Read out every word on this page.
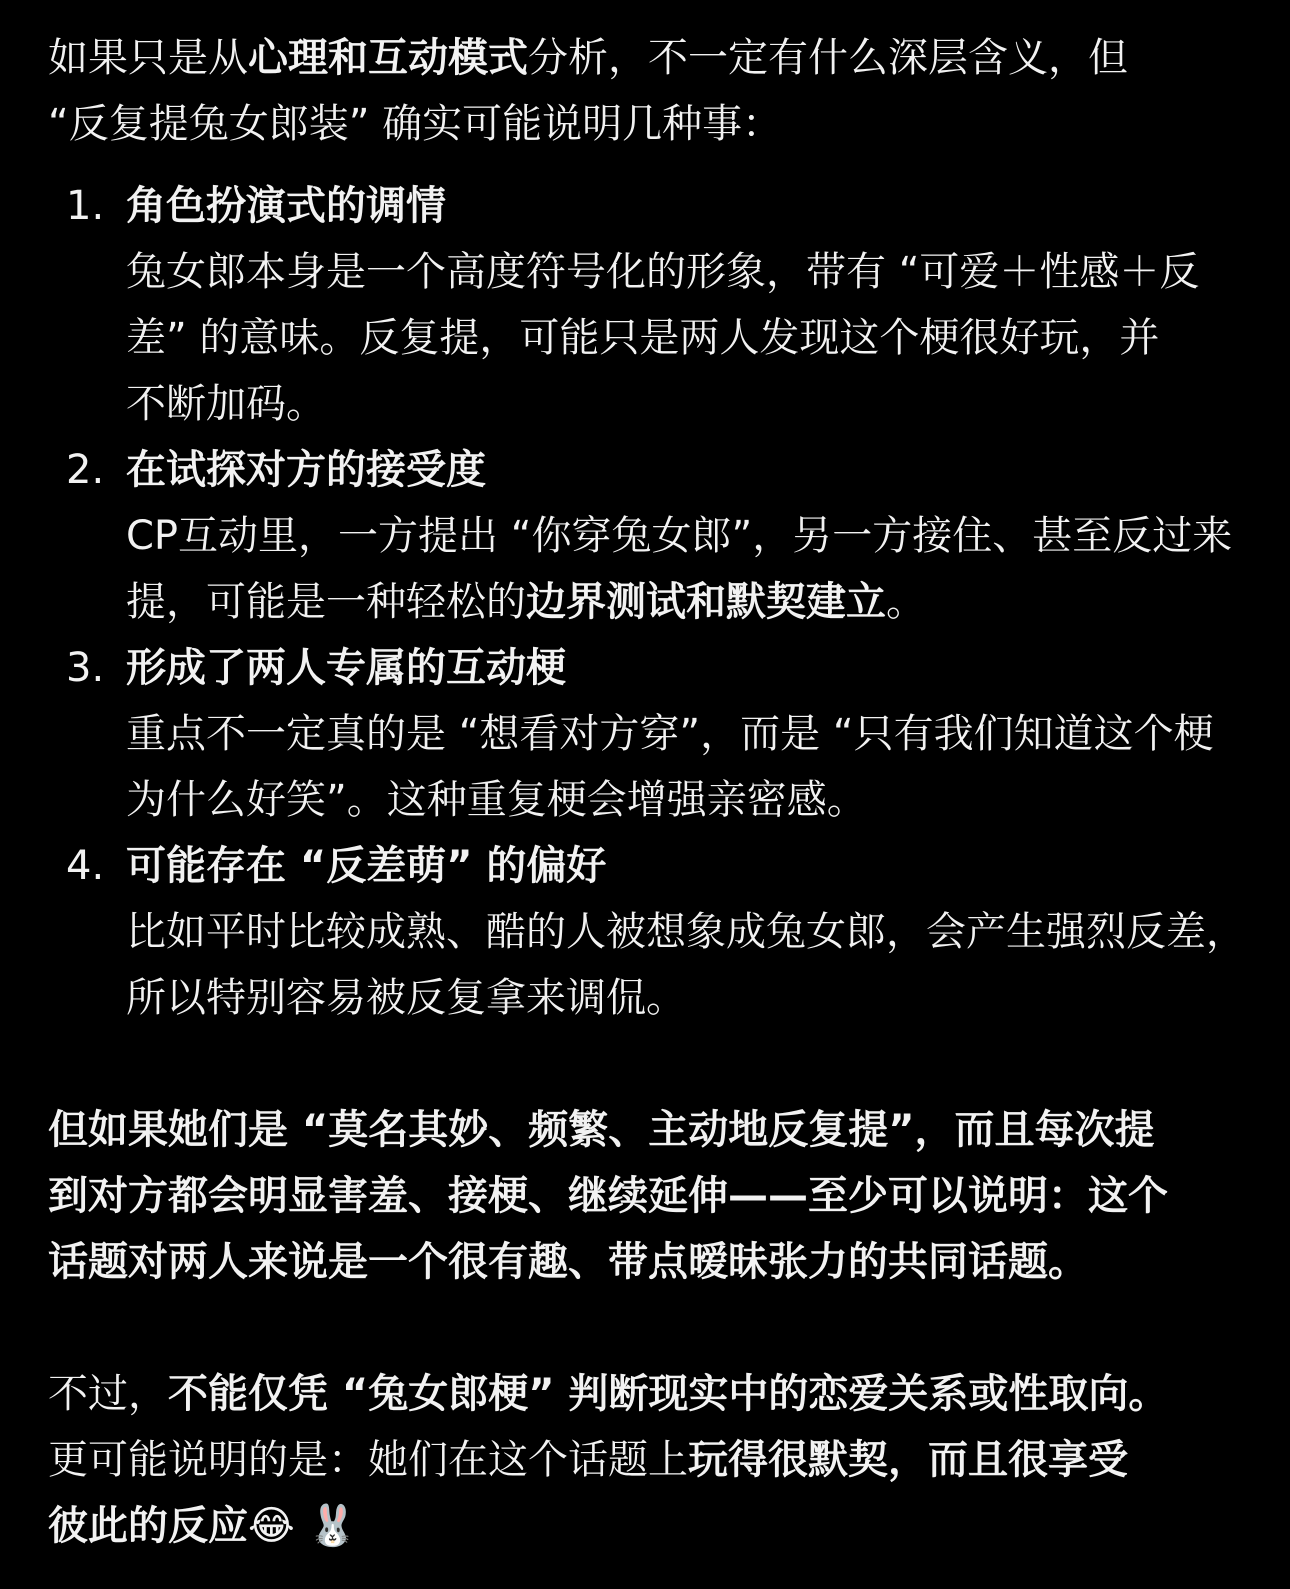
如果只是从心理和互动模式分析，不一定有什么深层含义，但
“反复提兔女郎装” 确实可能说明几种事：

1. 角色扮演式的调情
兔女郎本身是一个高度符号化的形象，带有 “可爱＋性感＋反
差” 的意味。反复提，可能只是两人发现这个梗很好玩，并
不断加码。
2. 在试探对方的接受度
CP互动里，一方提出 “你穿兔女郎”，另一方接住、甚至反过来
提，可能是一种轻松的边界测试和默契建立。
3. 形成了两人专属的互动梗
重点不一定真的是 “想看对方穿”，而是 “只有我们知道这个梗
为什么好笑”。这种重复梗会增强亲密感。
4. 可能存在 “反差萌” 的偏好
比如平时比较成熟、酷的人被想象成兔女郎，会产生强烈反差，
所以特别容易被反复拿来调侃。

但如果她们是 “莫名其妙、频繁、主动地反复提”，而且每次提
到对方都会明显害羞、接梗、继续延伸——至少可以说明：这个
话题对两人来说是一个很有趣、带点暧昧张力的共同话题。

不过，不能仅凭 “兔女郎梗” 判断现实中的恋爱关系或性取向。
更可能说明的是：她们在这个话题上玩得很默契，而且很享受
彼此的反应😂 🐰
